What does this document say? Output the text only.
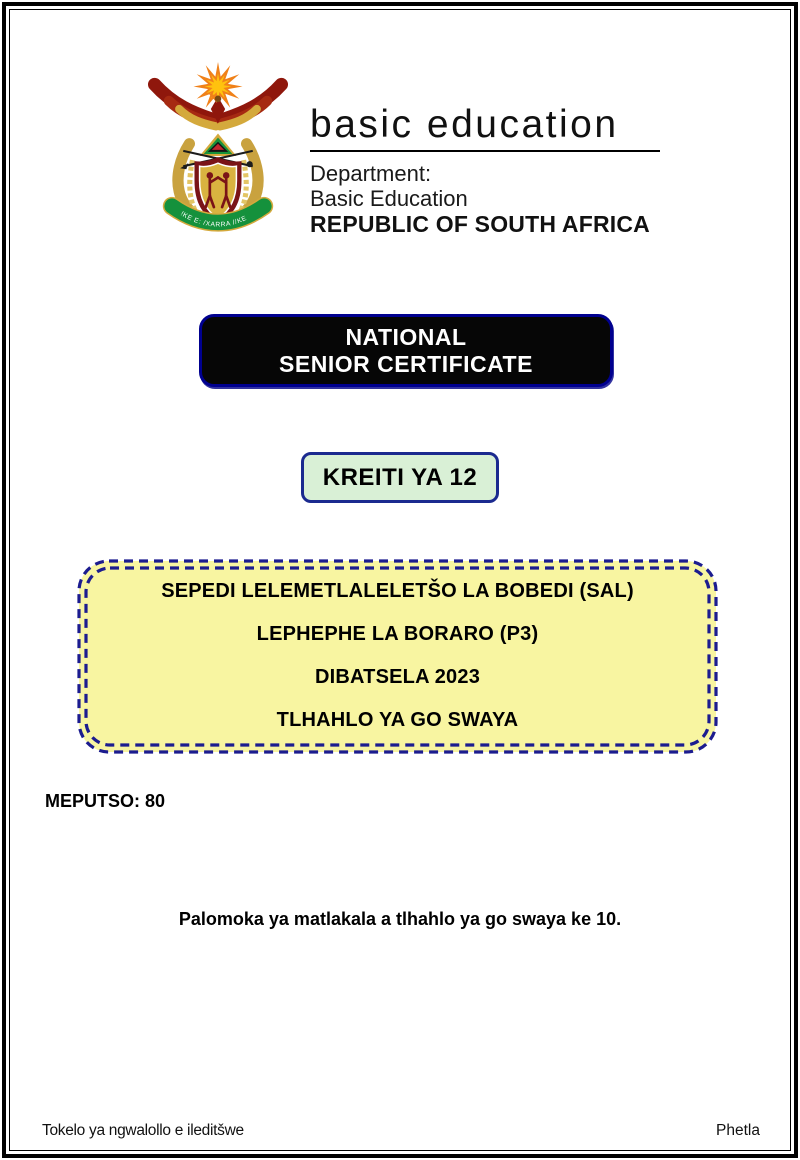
!KE E: /XARRA //KE
basic education
Department:
Basic Education
REPUBLIC OF SOUTH AFRICA
NATIONAL
SENIOR CERTIFICATE
KREITI YA 12
SEPEDI LELEMETLALELETŠO LA BOBEDI (SAL)
LEPHEPHE LA BORARO (P3)
DIBATSELA 2023
TLHAHLO YA GO SWAYA
MEPUTSO: 80
Palomoka ya matlakala a tlhahlo ya go swaya ke 10.
Tokelo ya ngwalollo e ileditšwe	Phetla
